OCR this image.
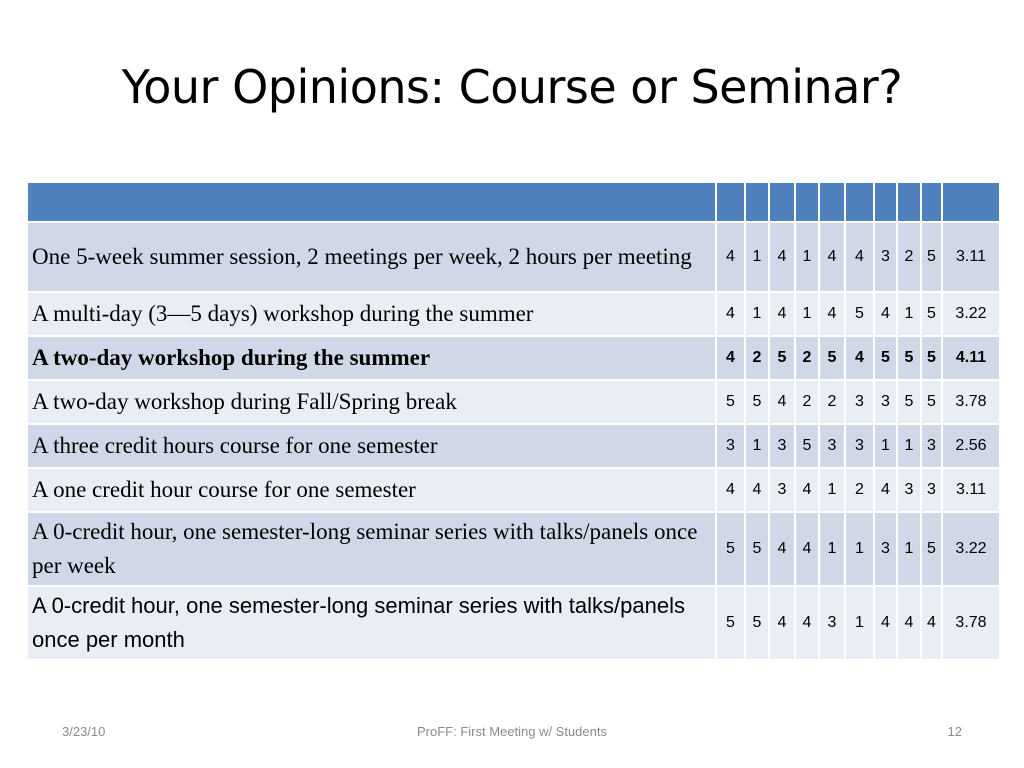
Your Opinions: Course or Seminar?

One 5-week summer session, 2 meetings per week, 2 hours per meeting	4	1	4	1	4	4	3	2	5	3.11
A multi-day (3—5 days) workshop during the summer	4	1	4	1	4	5	4	1	5	3.22
A two-day workshop during the summer	4	2	5	2	5	4	5	5	5	4.11
A two-day workshop during Fall/Spring break	5	5	4	2	2	3	3	5	5	3.78
A three credit hours course for one semester	3	1	3	5	3	3	1	1	3	2.56
A one credit hour course for one semester	4	4	3	4	1	2	4	3	3	3.11
A 0-credit hour, one semester-long seminar series with talks/panels once per week	5	5	4	4	1	1	3	1	5	3.22
A 0-credit hour, one semester-long seminar series with talks/panels once per month	5	5	4	4	3	1	4	4	4	3.78
3/23/10	ProFF: First Meeting w/ Students	12
